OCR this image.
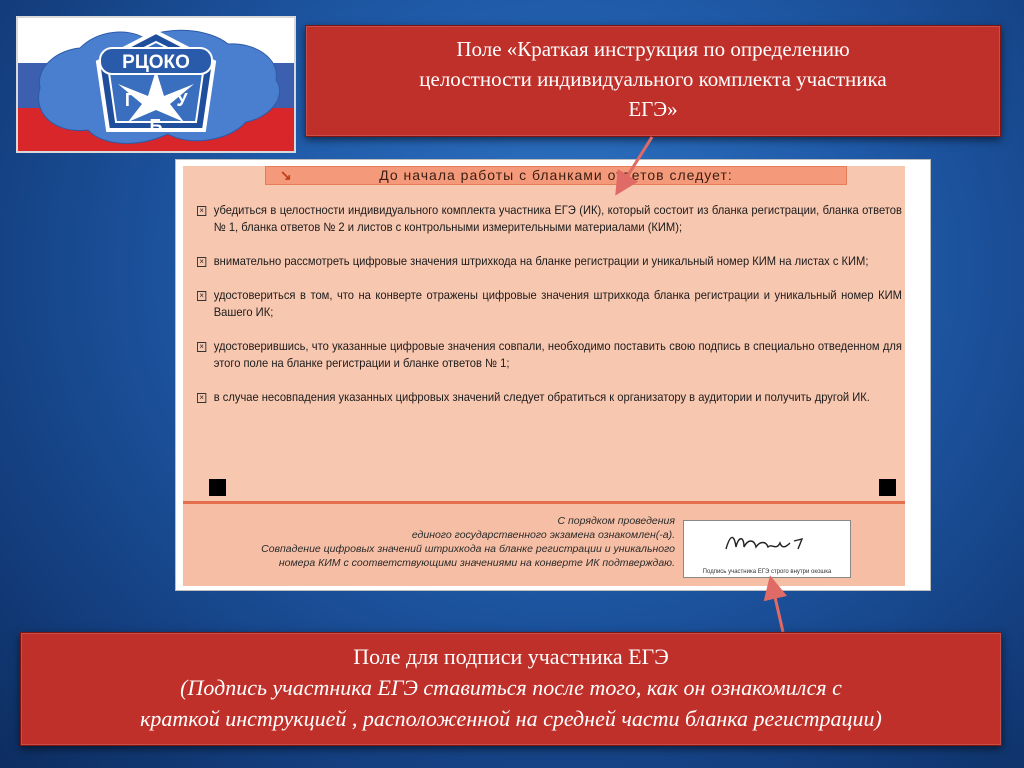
РЦОКО
Г У
Б
Поле «Краткая инструкция по определению
целостности индивидуального комплекта участника
ЕГЭ»
↘	До начала работы с бланками ответов следует:
× убедиться в целостности индивидуального комплекта участника ЕГЭ (ИК), который состоит из бланка регистрации, бланка ответов № 1, бланка ответов № 2 и листов с контрольными измерительными материалами (КИМ);
× внимательно рассмотреть цифровые значения штрихкода на бланке регистрации и уникальный номер КИМ на листах с КИМ;
× удостовериться в том, что на конверте отражены цифровые значения штрихкода бланка регистрации и уникальный номер КИМ Вашего ИК;
× удостоверившись, что указанные цифровые значения совпали, необходимо поставить свою подпись в специально отведенном для этого поле на бланке регистрации и бланке ответов № 1;
× в случае несовпадения указанных цифровых значений следует обратиться к организатору в аудитории и получить другой ИК.
С порядком проведения
единого государственного экзамена ознакомлен(-а).
Совпадение цифровых значений штрихкода на бланке регистрации и уникального
номера КИМ с соответствующими значениями на конверте ИК подтверждаю.
Подпись участника ЕГЭ строго внутри окошка
Поле для подписи участника ЕГЭ
(Подпись участника ЕГЭ ставиться после того, как он ознакомился с
краткой инструкцией , расположенной на средней части бланка регистрации)
